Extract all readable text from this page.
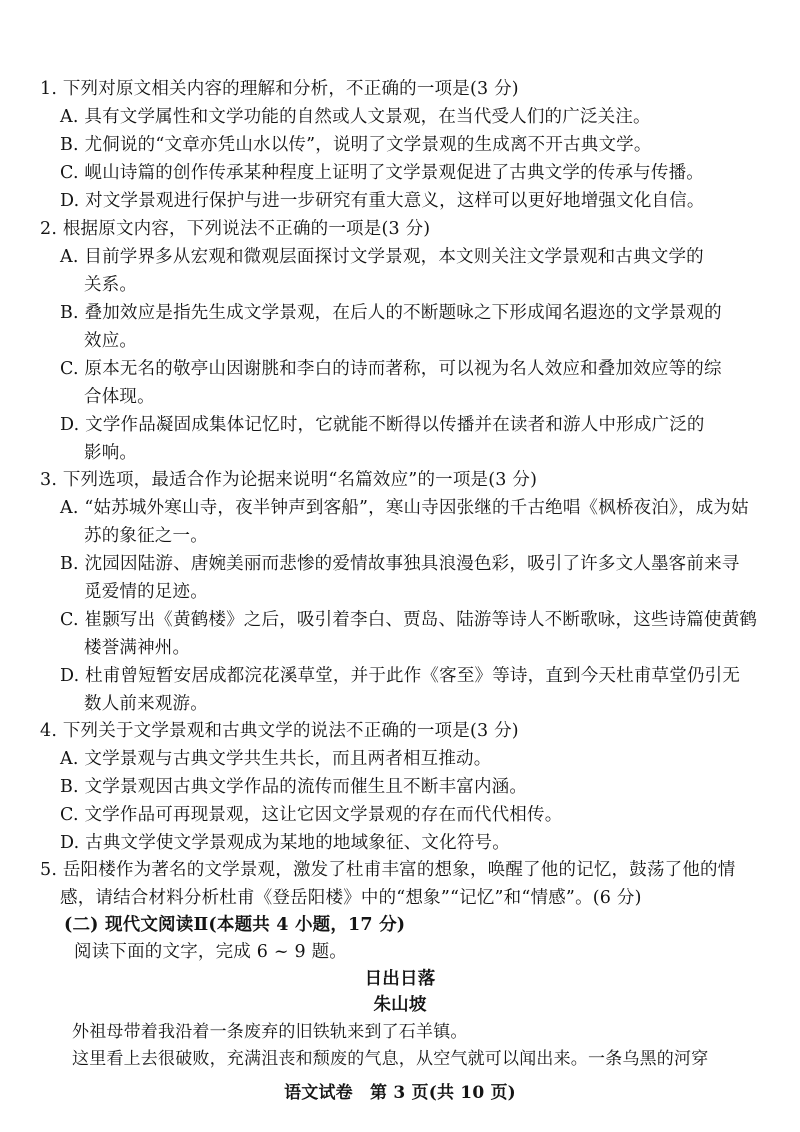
1. 下列对原文相关内容的理解和分析，不正确的一项是(3 分)
A. 具有文学属性和文学功能的自然或人文景观，在当代受人们的广泛关注。
B. 尤侗说的“文章亦凭山水以传”，说明了文学景观的生成离不开古典文学。
C. 岘山诗篇的创作传承某种程度上证明了文学景观促进了古典文学的传承与传播。
D. 对文学景观进行保护与进一步研究有重大意义，这样可以更好地增强文化自信。
2. 根据原文内容，下列说法不正确的一项是(3 分)
A. 目前学界多从宏观和微观层面探讨文学景观，本文则关注文学景观和古典文学的
关系。
B. 叠加效应是指先生成文学景观，在后人的不断题咏之下形成闻名遐迩的文学景观的
效应。
C. 原本无名的敬亭山因谢朓和李白的诗而著称，可以视为名人效应和叠加效应等的综
合体现。
D. 文学作品凝固成集体记忆时，它就能不断得以传播并在读者和游人中形成广泛的
影响。
3. 下列选项，最适合作为论据来说明“名篇效应”的一项是(3 分)
A. “姑苏城外寒山寺，夜半钟声到客船”，寒山寺因张继的千古绝唱《枫桥夜泊》，成为姑
苏的象征之一。
B. 沈园因陆游、唐婉美丽而悲惨的爱情故事独具浪漫色彩，吸引了许多文人墨客前来寻
觅爱情的足迹。
C. 崔颢写出《黄鹤楼》之后，吸引着李白、贾岛、陆游等诗人不断歌咏，这些诗篇使黄鹤
楼誉满神州。
D. 杜甫曾短暂安居成都浣花溪草堂，并于此作《客至》等诗，直到今天杜甫草堂仍引无
数人前来观游。
4. 下列关于文学景观和古典文学的说法不正确的一项是(3 分)
A. 文学景观与古典文学共生共长，而且两者相互推动。
B. 文学景观因古典文学作品的流传而催生且不断丰富内涵。
C. 文学作品可再现景观，这让它因文学景观的存在而代代相传。
D. 古典文学使文学景观成为某地的地域象征、文化符号。
5. 岳阳楼作为著名的文学景观，激发了杜甫丰富的想象，唤醒了他的记忆，鼓荡了他的情
感，请结合材料分析杜甫《登岳阳楼》中的“想象”“记忆”和“情感”。(6 分)
(二) 现代文阅读Ⅱ(本题共 4 小题，17 分)
阅读下面的文字，完成 6 ~ 9 题。
日出日落
朱山坡
外祖母带着我沿着一条废弃的旧铁轨来到了石羊镇。
这里看上去很破败，充满沮丧和颓废的气息，从空气就可以闻出来。一条乌黑的河穿
语文试卷　第 3 页(共 10 页)
